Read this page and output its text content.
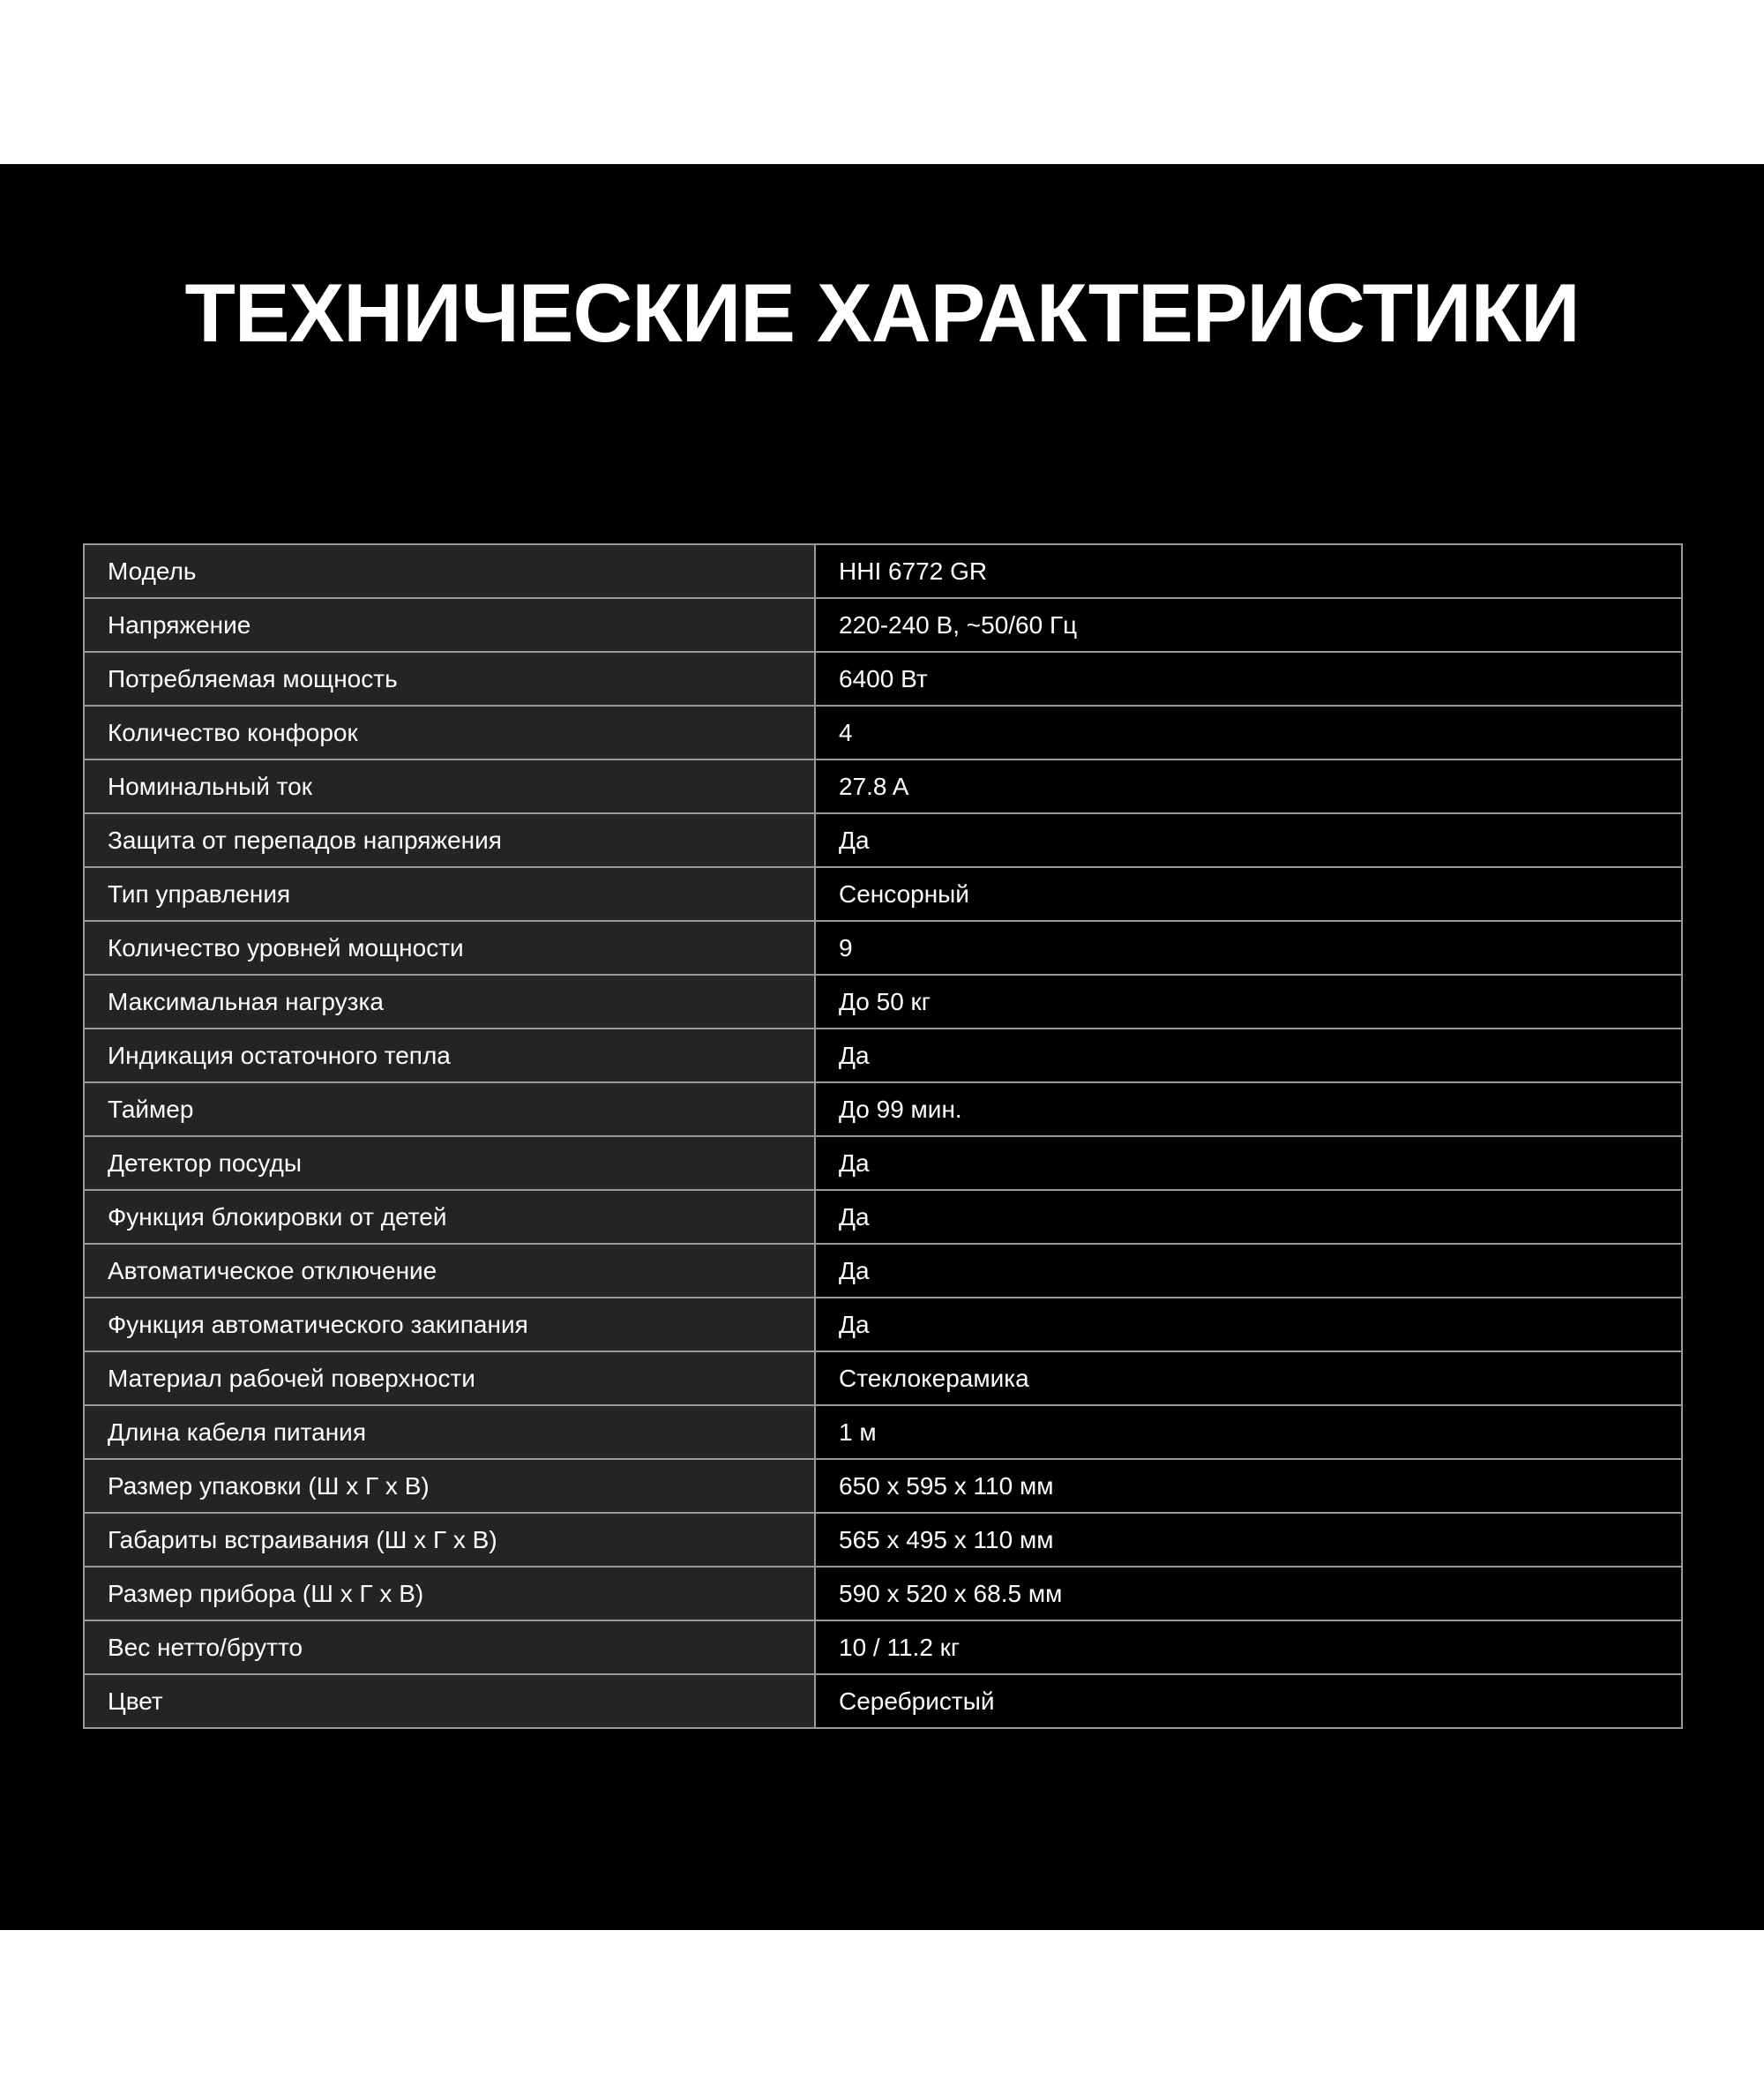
ТЕХНИЧЕСКИЕ ХАРАКТЕРИСТИКИ
Модель	HHI 6772 GR
Напряжение	220-240 В, ~50/60 Гц
Потребляемая мощность	6400 Вт
Количество конфорок	4
Номинальный ток	27.8 A
Защита от перепадов напряжения	Да
Тип управления	Сенсорный
Количество уровней мощности	9
Максимальная нагрузка	До 50 кг
Индикация остаточного тепла	Да
Таймер	До 99 мин.
Детектор посуды	Да
Функция блокировки от детей	Да
Автоматическое отключение	Да
Функция автоматического закипания	Да
Материал рабочей поверхности	Стеклокерамика
Длина кабеля питания	1 м
Размер упаковки (Ш х Г х В)	650 х 595 х 110 мм
Габариты встраивания (Ш х Г х В)	565 х 495 х 110 мм
Размер прибора (Ш х Г х В)	590 х 520 х 68.5 мм
Вес нетто/брутто	10 / 11.2 кг
Цвет	Серебристый
